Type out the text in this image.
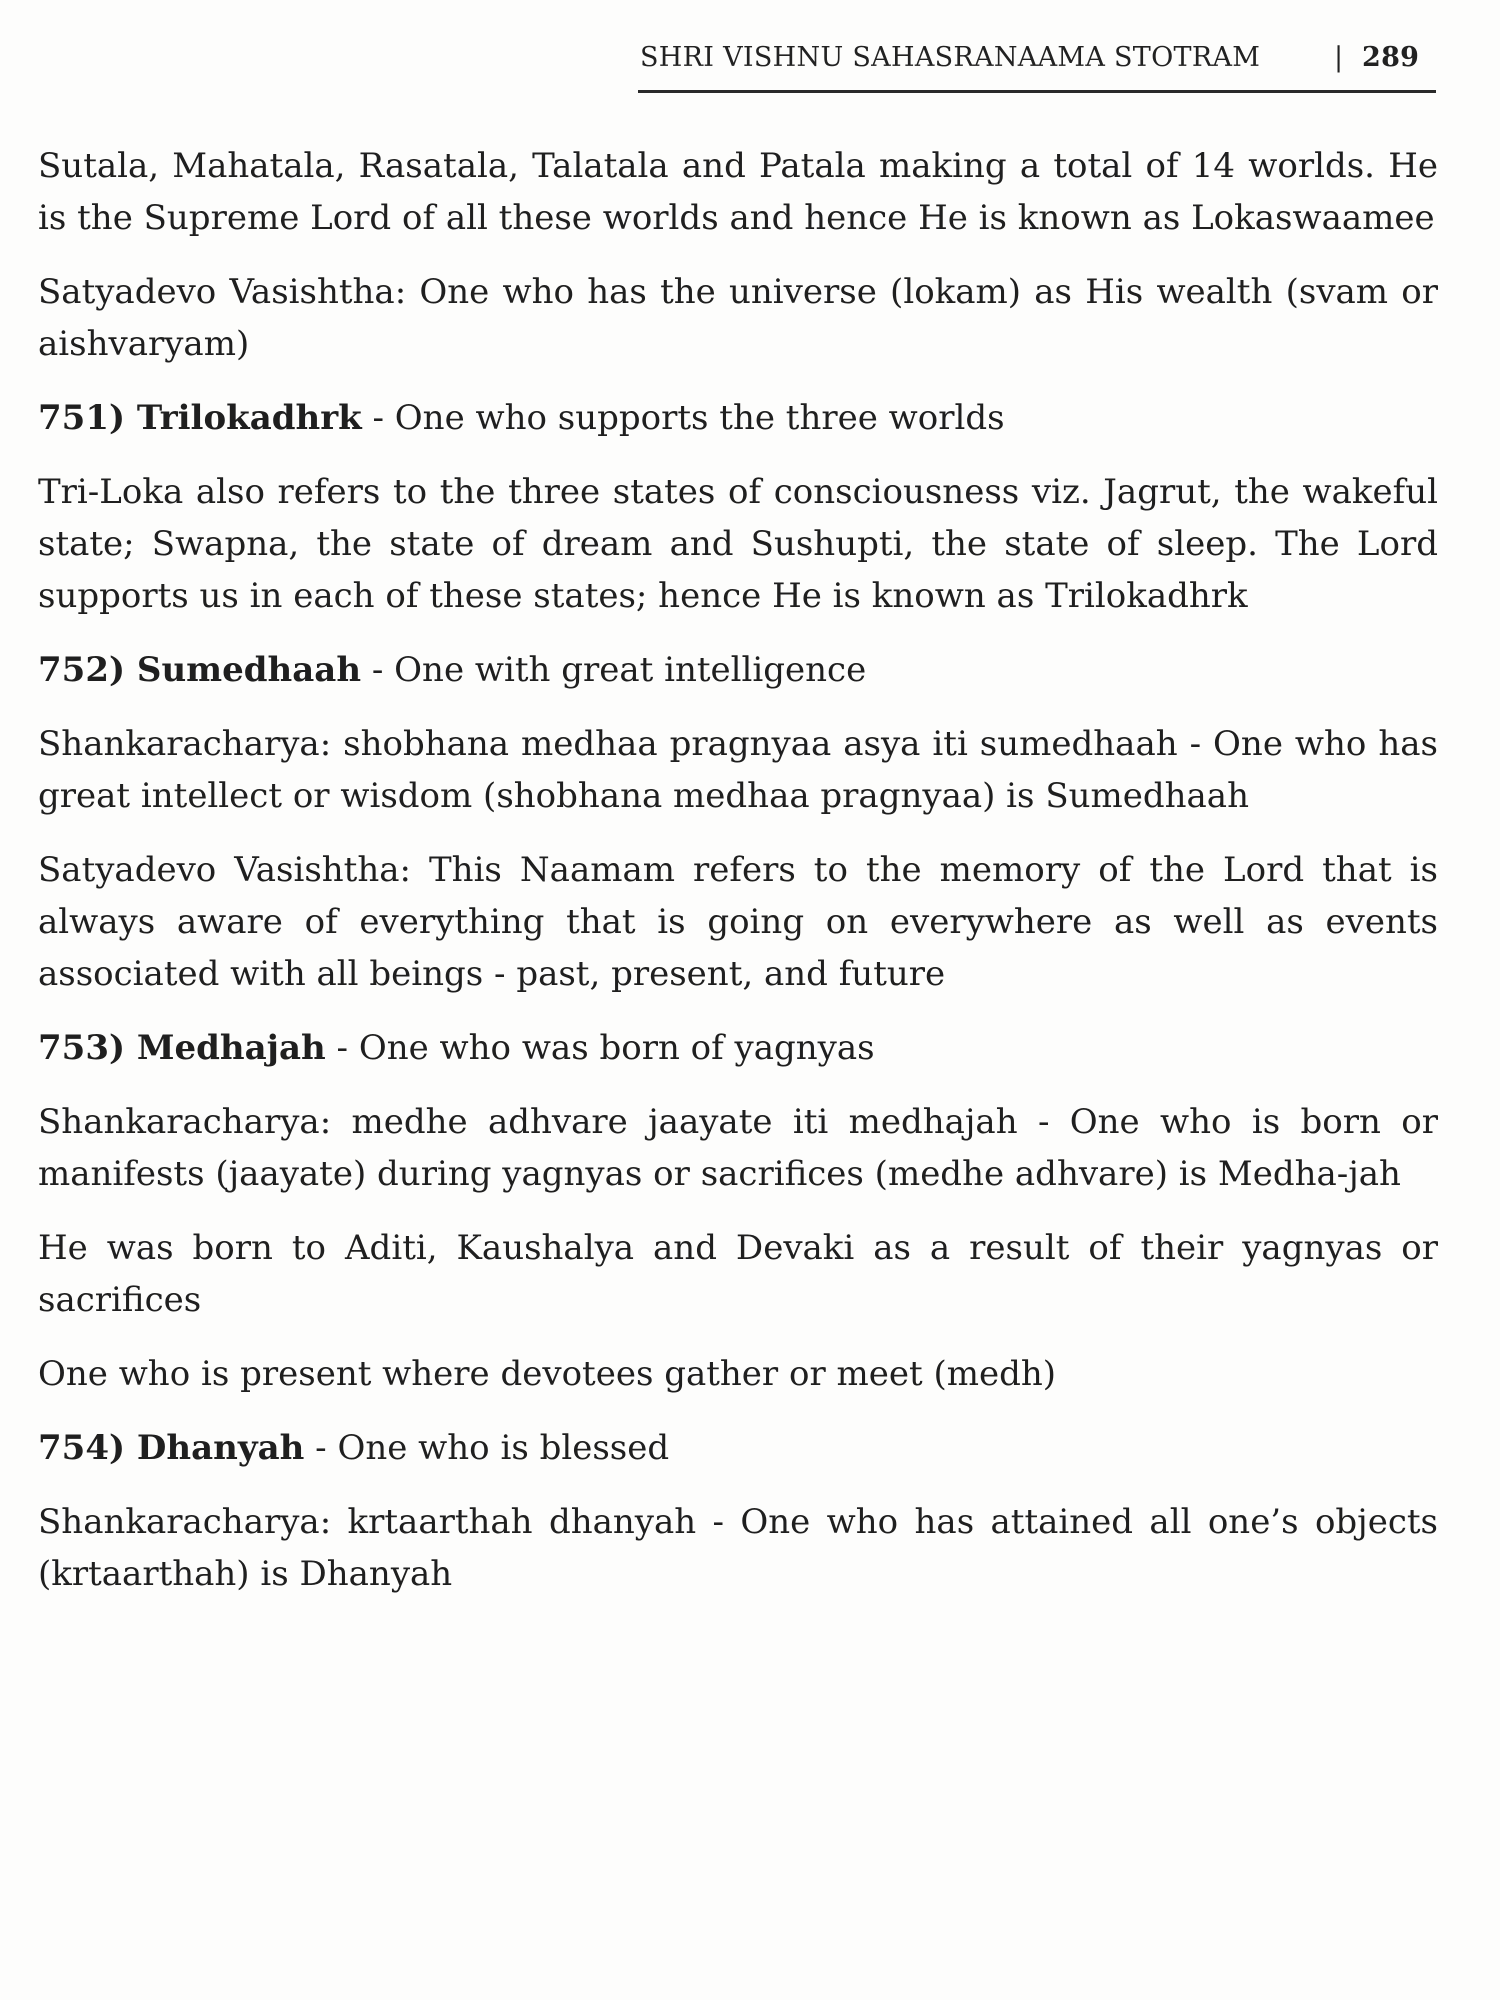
SHRI VISHNU SAHASRANAAMA STOTRAM	| 289

Sutala, Mahatala, Rasatala, Talatala and Patala making a total of 14 worlds. He is the Supreme Lord of all these worlds and hence He is known as Lokaswaamee

Satyadevo Vasishtha: One who has the universe (lokam) as His wealth (svam or aishvaryam)

751) Trilokadhrk - One who supports the three worlds

Tri-Loka also refers to the three states of consciousness viz. Jagrut, the wakeful state; Swapna, the state of dream and Sushupti, the state of sleep. The Lord supports us in each of these states; hence He is known as Trilokadhrk

752) Sumedhaah - One with great intelligence

Shankaracharya: shobhana medhaa pragnyaa asya iti sumedhaah - One who has great intellect or wisdom (shobhana medhaa pragnyaa) is Sumedhaah

Satyadevo Vasishtha: This Naamam refers to the memory of the Lord that is always aware of everything that is going on everywhere as well as events associated with all beings - past, present, and future

753) Medhajah - One who was born of yagnyas

Shankaracharya: medhe adhvare jaayate iti medhajah - One who is born or manifests (jaayate) during yagnyas or sacrifices (medhe adhvare) is Medha-jah

He was born to Aditi, Kaushalya and Devaki as a result of their yagnyas or sacrifices

One who is present where devotees gather or meet (medh)

754) Dhanyah - One who is blessed

Shankaracharya: krtaarthah dhanyah - One who has attained all one’s objects (krtaarthah) is Dhanyah
